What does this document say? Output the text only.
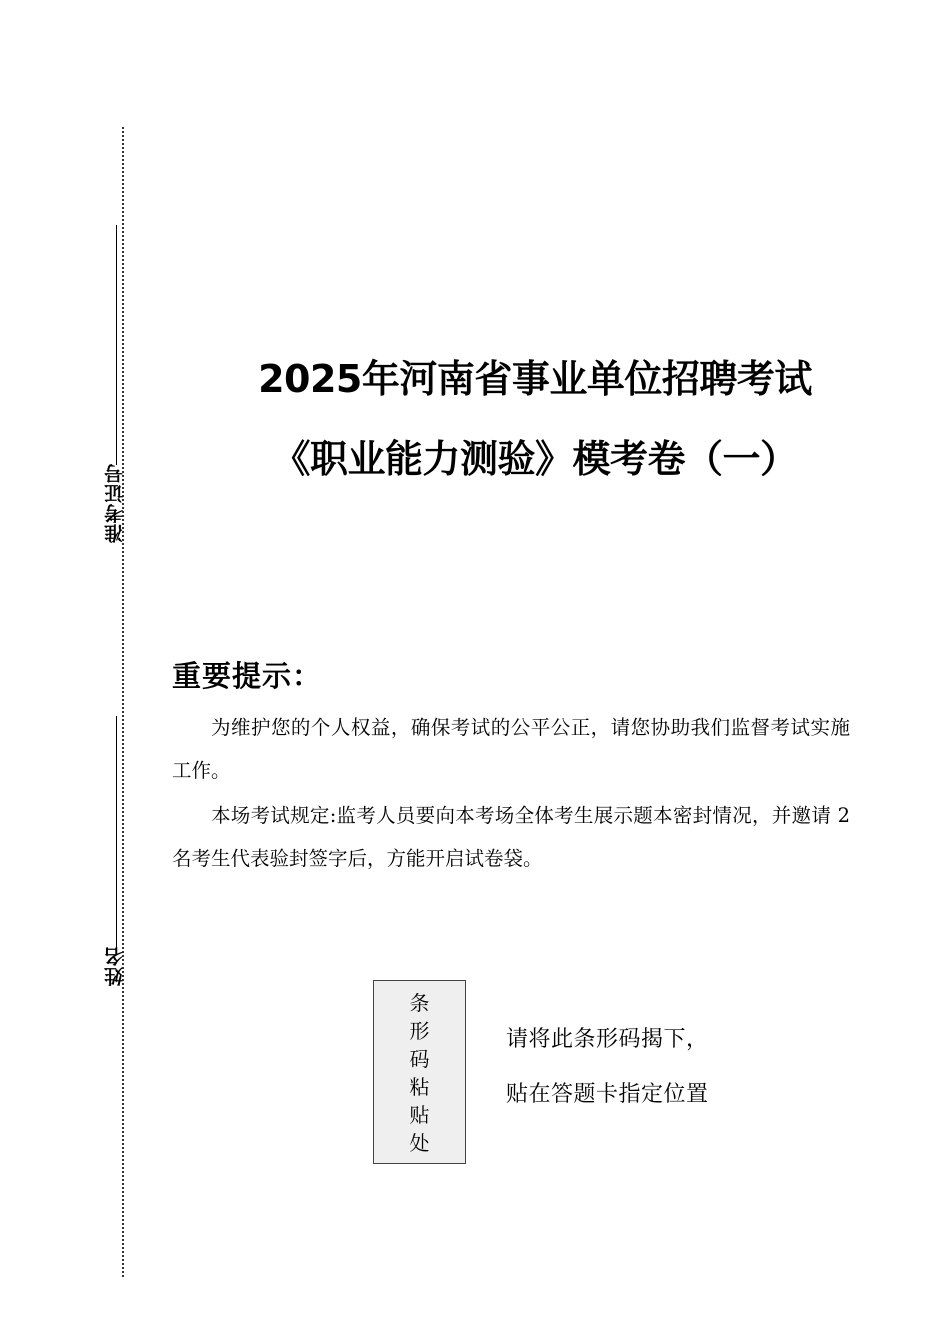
准考证号
姓名
2025年河南省事业单位招聘考试
《职业能力测验》模考卷（一）
重要提示：
为维护您的个人权益，确保考试的公平公正，请您协助我们监督考试实施工作。
本场考试规定:监考人员要向本考场全体考生展示题本密封情况，并邀请 2 名考生代表验封签字后，方能开启试卷袋。
条
形
码
粘
贴
处
请将此条形码揭下，
贴在答题卡指定位置
